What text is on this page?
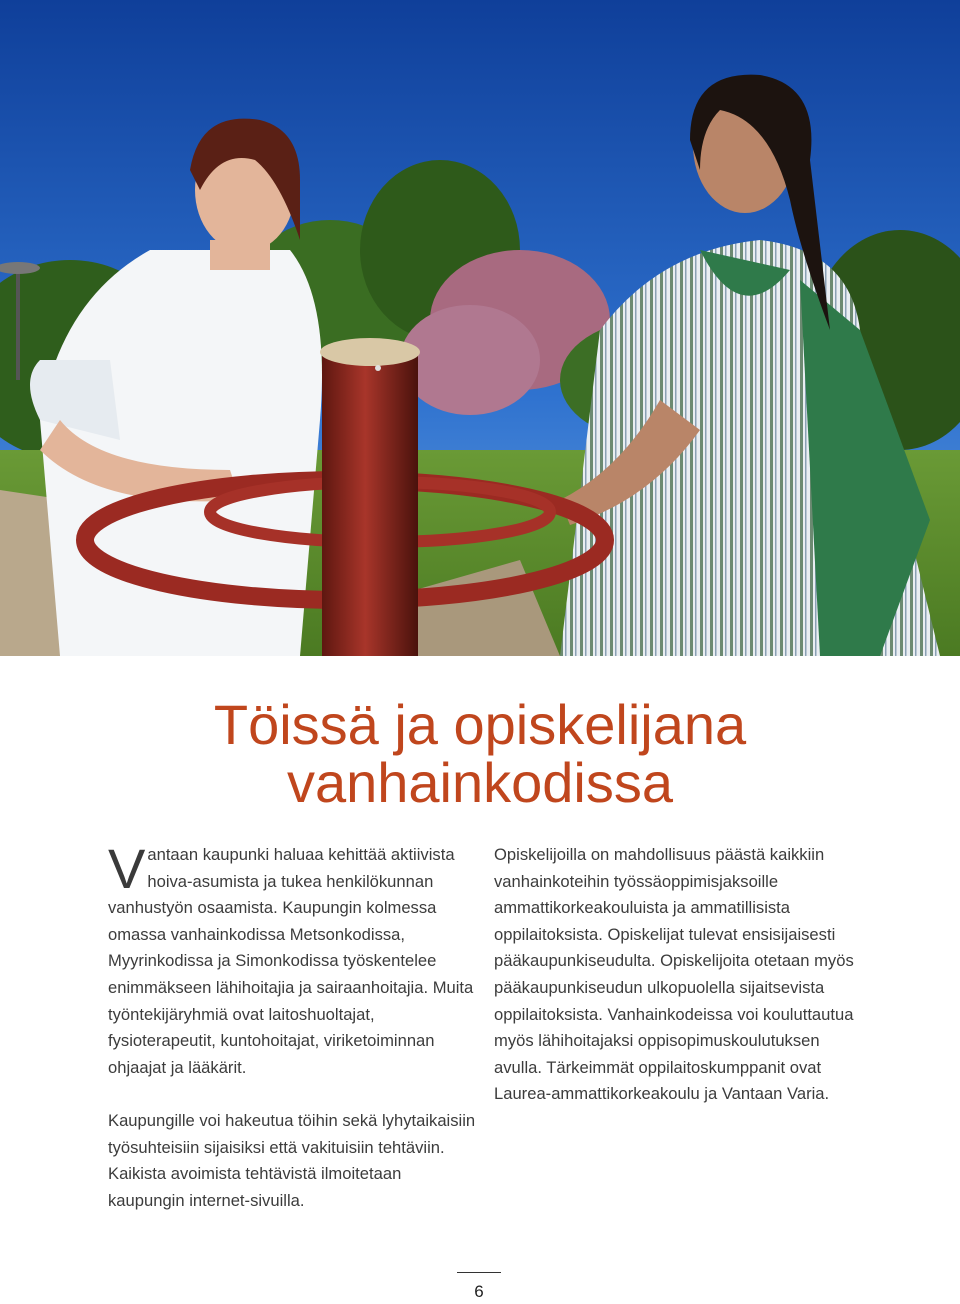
Töissä ja opiskelijana
vanhainkodissa

Vantaan kaupunki haluaa kehittää aktiivista hoiva-asumista ja tukea henkilökunnan vanhustyön osaamista. Kaupungin kolmessa omassa vanhainkodissa Metsonkodissa, Myyrinkodissa ja Simonkodissa työskentelee enimmäkseen lähihoitajia ja sairaanhoitajia. Muita työntekijäryhmiä ovat laitoshuoltajat, fysioterapeutit, kuntohoitajat, viriketoiminnan ohjaajat ja lääkärit.

Kaupungille voi hakeutua töihin sekä lyhytaikaisiin työsuhteisiin sijaisiksi että vakituisiin tehtäviin. Kaikista avoimista tehtävistä ilmoitetaan kaupungin internet-sivuilla.

Opiskelijoilla on mahdollisuus päästä kaikkiin vanhainkoteihin työssäoppimisjaksoille ammattikorkeakouluista ja ammatillisista oppilaitoksista. Opiskelijat tulevat ensisijaisesti pääkaupunkiseudulta. Opiskelijoita otetaan myös pääkaupunkiseudun ulkopuolella sijaitsevista oppilaitoksista. Vanhainkodeissa voi kouluttautua myös lähihoitajaksi oppisopimuskoulutuksen avulla. Tärkeimmät oppilaitoskumppanit ovat Laurea-ammattikorkeakoulu ja Vantaan Varia.

6
